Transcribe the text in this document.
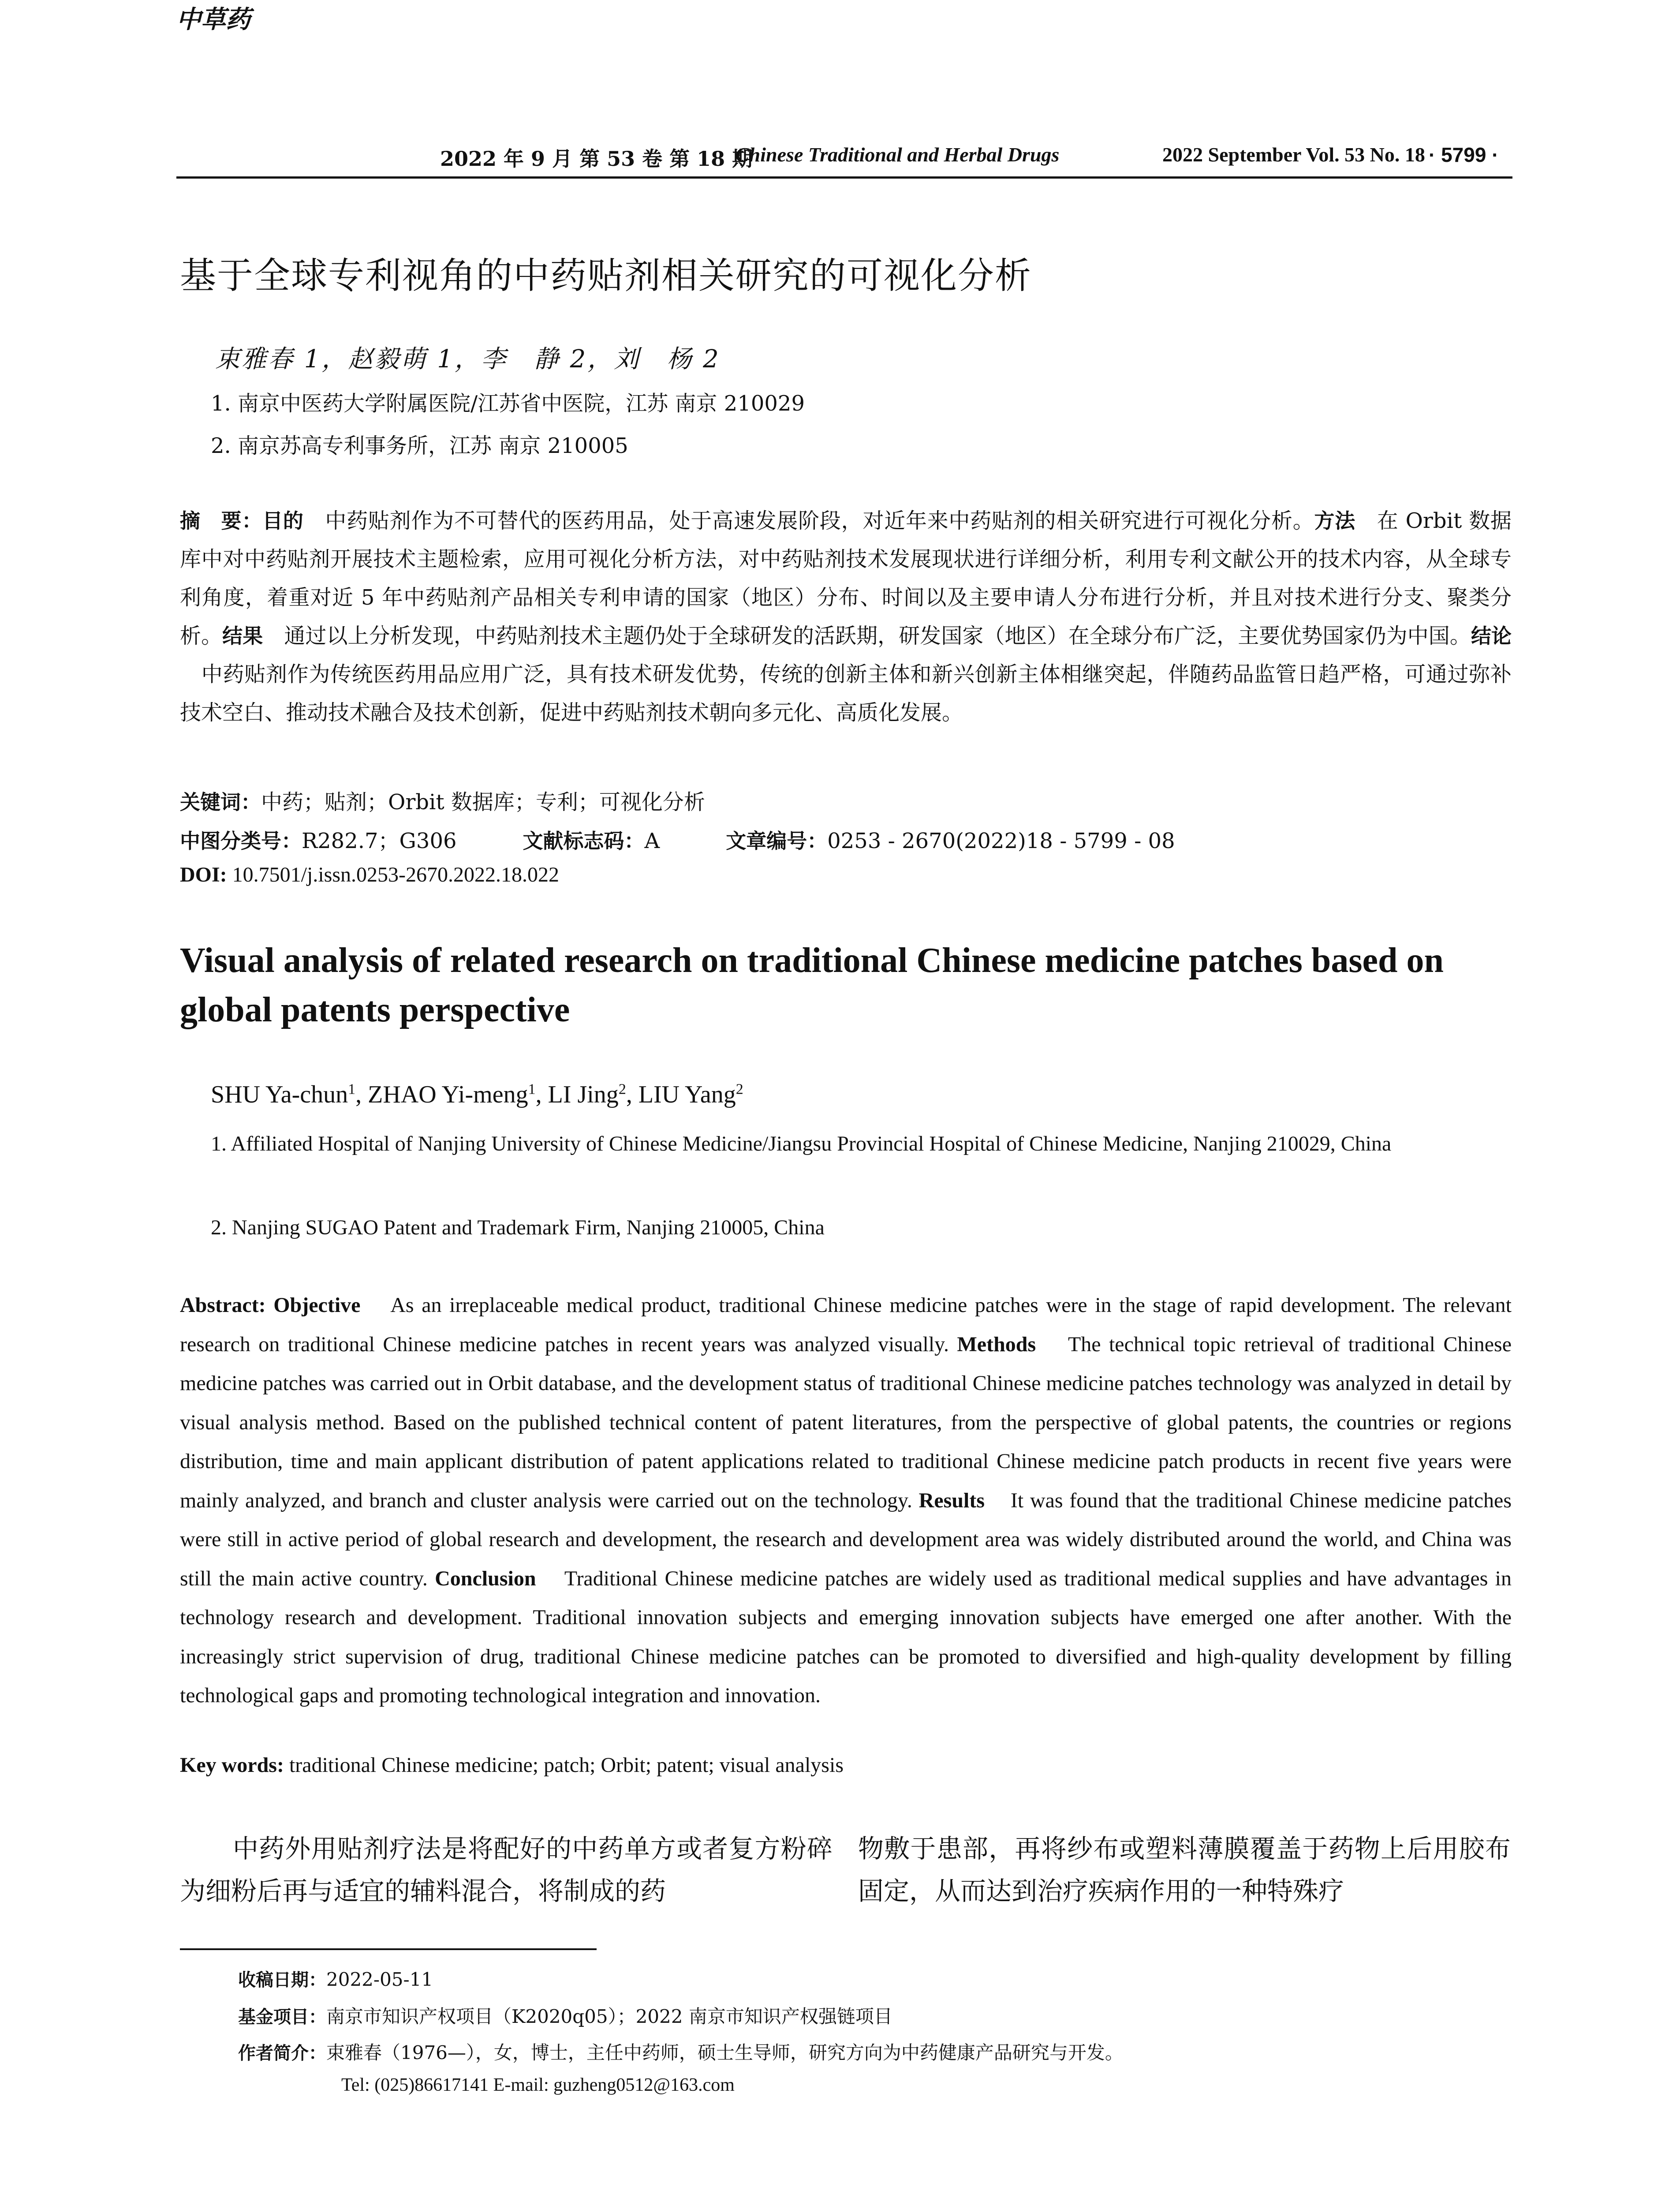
中草药
2022 年 9 月 第 53 卷 第 18 期
Chinese Traditional and Herbal Drugs	2022 September Vol. 53 No. 18 · 5799 ·
基于全球专利视角的中药贴剂相关研究的可视化分析
束雅春 1，赵毅萌 1，李　静 2，刘　杨 2
1. 南京中医药大学附属医院/江苏省中医院，江苏 南京 210029
2. 南京苏高专利事务所，江苏 南京 210005
摘　要：目的 中药贴剂作为不可替代的医药用品，处于高速发展阶段，对近年来中药贴剂的相关研究进行可视化分析。方法 在 Orbit 数据库中对中药贴剂开展技术主题检索，应用可视化分析方法，对中药贴剂技术发展现状进行详细分析，利用专利文献公开的技术内容，从全球专利角度，着重对近 5 年中药贴剂产品相关专利申请的国家（地区）分布、时间以及主要申请人分布进行分析，并且对技术进行分支、聚类分析。结果 通过以上分析发现，中药贴剂技术主题仍处于全球研发的活跃期，研发国家（地区）在全球分布广泛，主要优势国家仍为中国。结论中药贴剂作为传统医药用品应用广泛，具有技术研发优势，传统的创新主体和新兴创新主体相继突起，伴随药品监管日趋严格，可通过弥补技术空白、推动技术融合及技术创新，促进中药贴剂技术朝向多元化、高质化发展。
关键词：中药；贴剂；Orbit 数据库；专利；可视化分析
中图分类号：R282.7；G306	文献标志码：A	文章编号：0253 - 2670(2022)18 - 5799 - 08
DOI: 10.7501/j.issn.0253-2670.2022.18.022
Visual analysis of related research on traditional Chinese medicine patches based on global patents perspective
SHU Ya-chun$^1$, ZHAO Yi-meng$^1$, LI Jing$^2$, LIU Yang$^2$
1. Affiliated Hospital of Nanjing University of Chinese Medicine/Jiangsu Provincial Hospital of Chinese Medicine, Nanjing 210029, China
2. Nanjing SUGAO Patent and Trademark Firm, Nanjing 210005, China
Abstract: Objective As an irreplaceable medical product, traditional Chinese medicine patches were in the stage of rapid development. The relevant research on traditional Chinese medicine patches in recent years was analyzed visually. Methods The technical topic retrieval of traditional Chinese medicine patches was carried out in Orbit database, and the development status of traditional Chinese medicine patches technology was analyzed in detail by visual analysis method. Based on the published technical content of patent literatures, from the perspective of global patents, the countries or regions distribution, time and main applicant distribution of patent applications related to traditional Chinese medicine patch products in recent five years were mainly analyzed, and branch and cluster analysis were carried out on the technology. Results It was found that the traditional Chinese medicine patches were still in active period of global research and development, the research and development area was widely distributed around the world, and China was still the main active country. Conclusion Traditional Chinese medicine patches are widely used as traditional medical supplies and have advantages in technology research and development. Traditional innovation subjects and emerging innovation subjects have emerged one after another. With the increasingly strict supervision of drug, traditional Chinese medicine patches can be promoted to diversified and high-quality development by filling technological gaps and promoting technological integration and innovation.
Key words: traditional Chinese medicine; patch; Orbit; patent; visual analysis
中药外用贴剂疗法是将配好的中药单方或者复方粉碎为细粉后再与适宜的辅料混合，将制成的药
物敷于患部，再将纱布或塑料薄膜覆盖于药物上后用胶布固定，从而达到治疗疾病作用的一种特殊疗
收稿日期：2022-05-11
基金项目：南京市知识产权项目（K2020q05）；2022 南京市知识产权强链项目
作者简介：束雅春（1976—），女，博士，主任中药师，硕士生导师，研究方向为中药健康产品研究与开发。
Tel: (025)86617141 E-mail: guzheng0512@163.com
